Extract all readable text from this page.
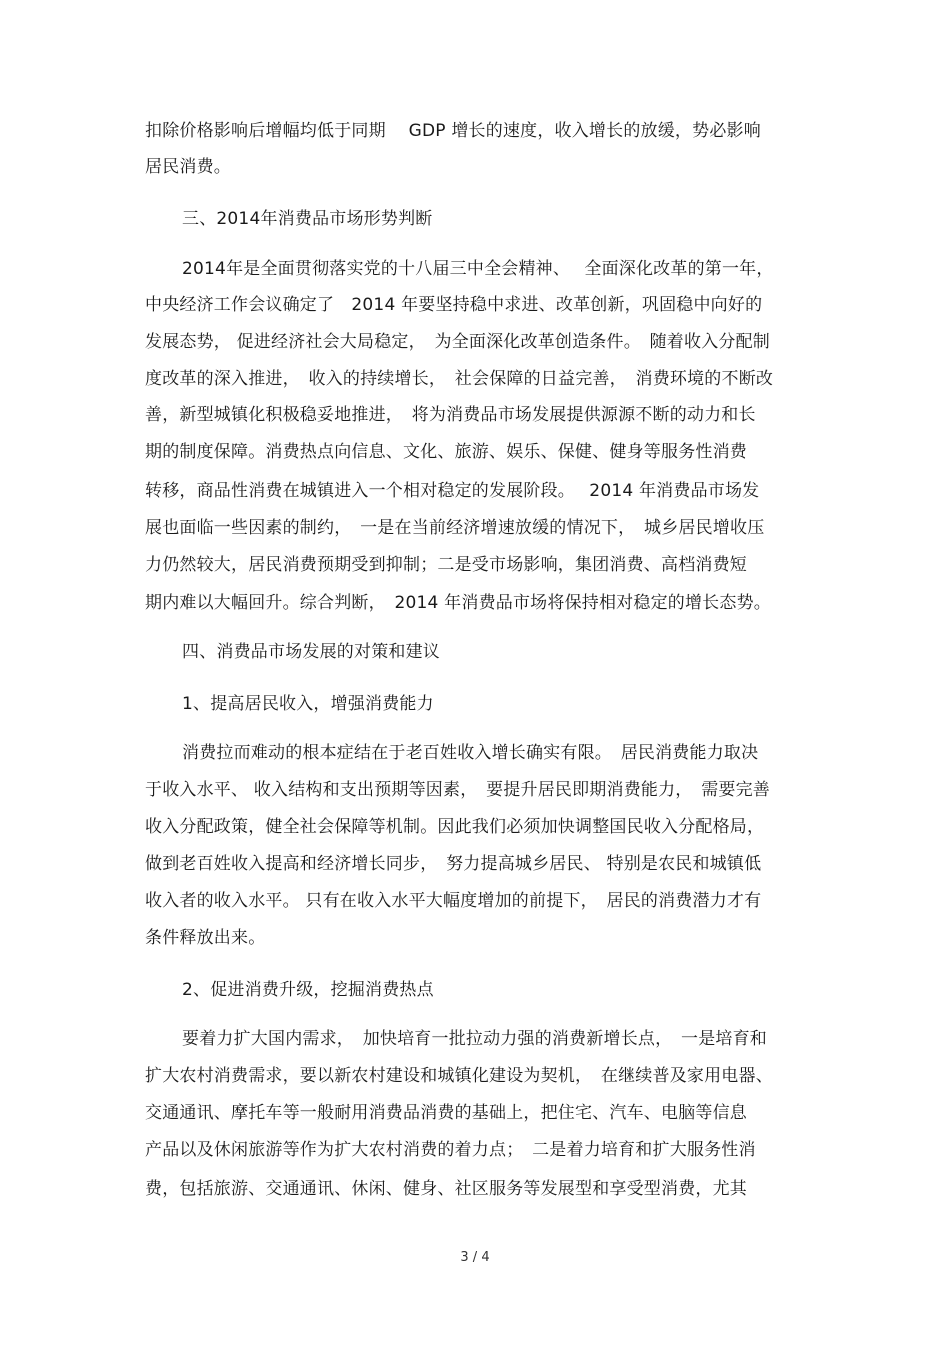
扣除价格影响后增幅均低于同期　 GDP 增长的速度，收入增长的放缓，势必影响
居民消费。
三、2014年消费品市场形势判断
2014年是全面贯彻落实党的十八届三中全会精神、　 全面深化改革的第一年，
中央经济工作会议确定了　2014 年要坚持稳中求进、改革创新，巩固稳中向好的
发展态势， 促进经济社会大局稳定，　为全面深化改革创造条件。　随着收入分配制
度改革的深入推进，　收入的持续增长，　社会保障的日益完善，　消费环境的不断改
善，新型城镇化积极稳妥地推进，　将为消费品市场发展提供源源不断的动力和长
期的制度保障。消费热点向信息、文化、旅游、娱乐、保健、健身等服务性消费
转移，商品性消费在城镇进入一个相对稳定的发展阶段。　 2014 年消费品市场发
展也面临一些因素的制约，　一是在当前经济增速放缓的情况下，　城乡居民增收压
力仍然较大，居民消费预期受到抑制；二是受市场影响，集团消费、高档消费短
期内难以大幅回升。综合判断，　2014 年消费品市场将保持相对稳定的增长态势。
四、消费品市场发展的对策和建议
1、提高居民收入，增强消费能力
消费拉而难动的根本症结在于老百姓收入增长确实有限。　居民消费能力取决
于收入水平、 收入结构和支出预期等因素，　要提升居民即期消费能力，　需要完善
收入分配政策，健全社会保障等机制。因此我们必须加快调整国民收入分配格局，
做到老百姓收入提高和经济增长同步，　努力提高城乡居民、 特别是农民和城镇低
收入者的收入水平。 只有在收入水平大幅度增加的前提下，　居民的消费潜力才有
条件释放出来。
2、促进消费升级，挖掘消费热点
要着力扩大国内需求，　加快培育一批拉动力强的消费新增长点，　一是培育和
扩大农村消费需求，要以新农村建设和城镇化建设为契机，　在继续普及家用电器、
交通通讯、摩托车等一般耐用消费品消费的基础上，把住宅、汽车、电脑等信息
产品以及休闲旅游等作为扩大农村消费的着力点；　二是着力培育和扩大服务性消
费，包括旅游、交通通讯、休闲、健身、社区服务等发展型和享受型消费，尤其
3 / 4
